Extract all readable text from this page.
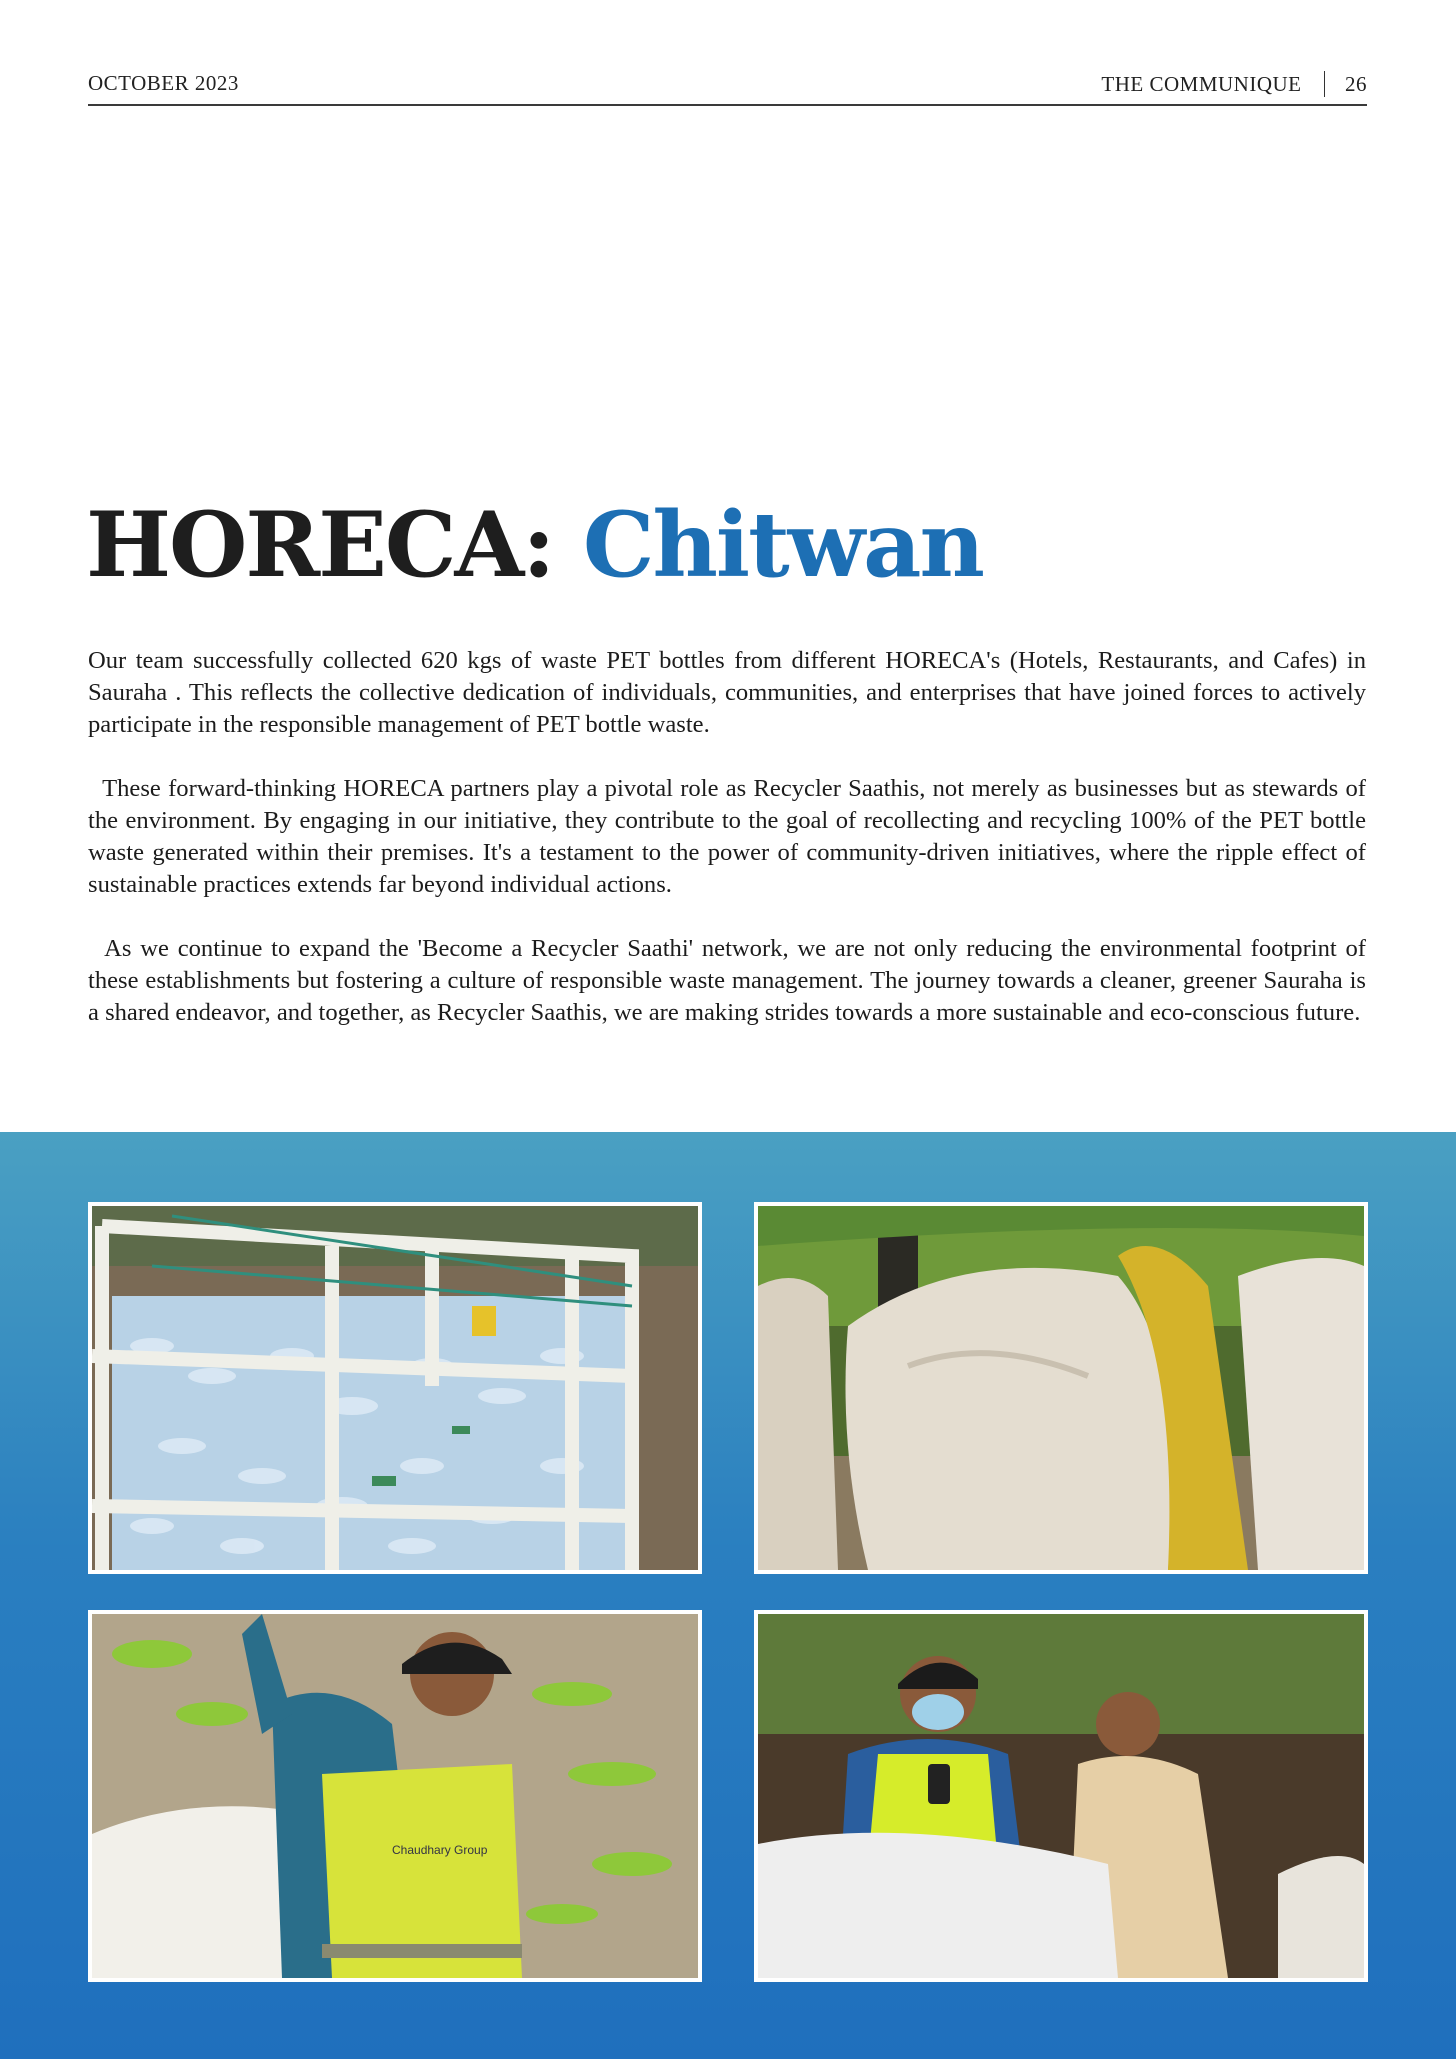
OCTOBER 2023	THE COMMUNIQUE 26
HORECA: Chitwan

Our team successfully collected 620 kgs of waste PET bottles from different HORECA's (Hotels, Restaurants, and Cafes) in Sauraha . This reflects the collective dedication of individuals, communities, and enterprises that have joined forces to actively participate in the responsible management of PET bottle waste.

These forward-thinking HORECA partners play a pivotal role as Recycler Saathis, not merely as businesses but as stewards of the environment. By engaging in our initiative, they contribute to the goal of recollecting and recycling 100% of the PET bottle waste generated within their premises. It's a testament to the power of community-driven initiatives, where the ripple effect of sustainable practices extends far beyond individual actions.

As we continue to expand the 'Become a Recycler Saathi' network, we are not only reducing the environmental footprint of these establishments but fostering a culture of responsible waste management. The journey towards a cleaner, greener Sauraha is a shared endeavor, and together, as Recycler Saathis, we are making strides towards a more sustainable and eco-conscious future.

Chaudhary Group
